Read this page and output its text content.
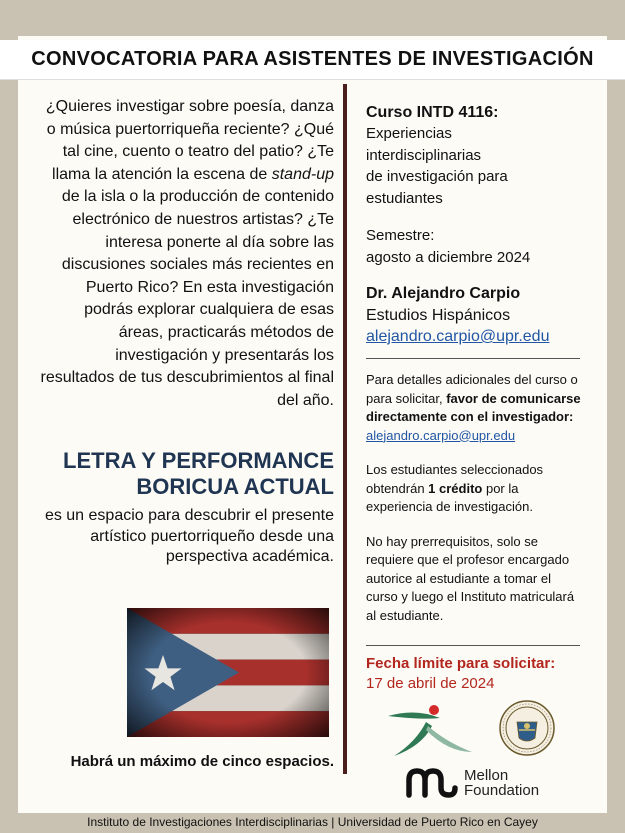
CONVOCATORIA PARA ASISTENTES DE INVESTIGACIÓN

¿Quieres investigar sobre poesía, danza o música puertorriqueña reciente? ¿Qué tal cine, cuento o teatro del patio? ¿Te llama la atención la escena de stand-up de la isla o la producción de contenido electrónico de nuestros artistas? ¿Te interesa ponerte al día sobre las discusiones sociales más recientes en Puerto Rico? En esta investigación podrás explorar cualquiera de esas áreas, practicarás métodos de investigación y presentarás los resultados de tus descubrimientos al final del año.

LETRA Y PERFORMANCE
BORICUA ACTUAL

es un espacio para descubrir el presente artístico puertorriqueño desde una perspectiva académica.

Habrá un máximo de cinco espacios.

Curso INTD 4116:
Experiencias
interdisciplinarias
de investigación para
estudiantes
Semestre:
agosto a diciembre 2024
Dr. Alejandro Carpio
Estudios Hispánicos
alejandro.carpio@upr.edu

Para detalles adicionales del curso o para solicitar, favor de comunicarse directamente con el investigador:
alejandro.carpio@upr.edu

Los estudiantes seleccionados obtendrán 1 crédito por la experiencia de investigación.

No hay prerrequisitos, solo se requiere que el profesor encargado autorice al estudiante a tomar el curso y luego el Instituto matriculará al estudiante.

Fecha límite para solicitar:
17 de abril de 2024
Mellon
Foundation
Instituto de Investigaciones Interdisciplinarias | Universidad de Puerto Rico en Cayey
